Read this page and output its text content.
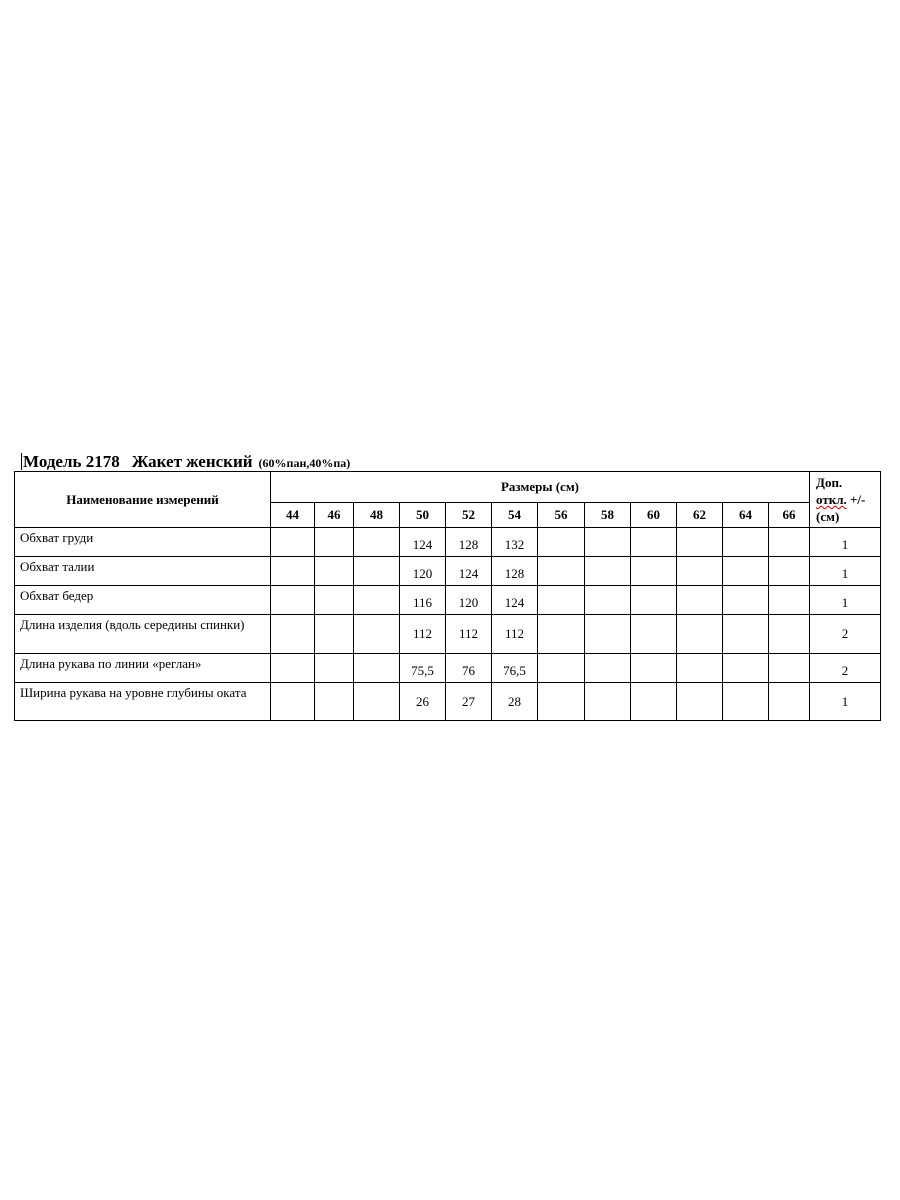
Модель 2178 Жакет женский (60%пан,40%па)
Наименование измерений	Размеры (см)												Доп.
откл. +/-
(см)
	44	46	48	50	52	54	56	58	60	62	64	66	
Обхват груди				124	128	132							1
Обхват талии				120	124	128							1
Обхват бедер				116	120	124							1
Длина изделия (вдоль середины спинки)				112	112	112							2
Длина рукава по линии «реглан»				75,5	76	76,5							2
Ширина рукава на уровне глубины оката				26	27	28							1
